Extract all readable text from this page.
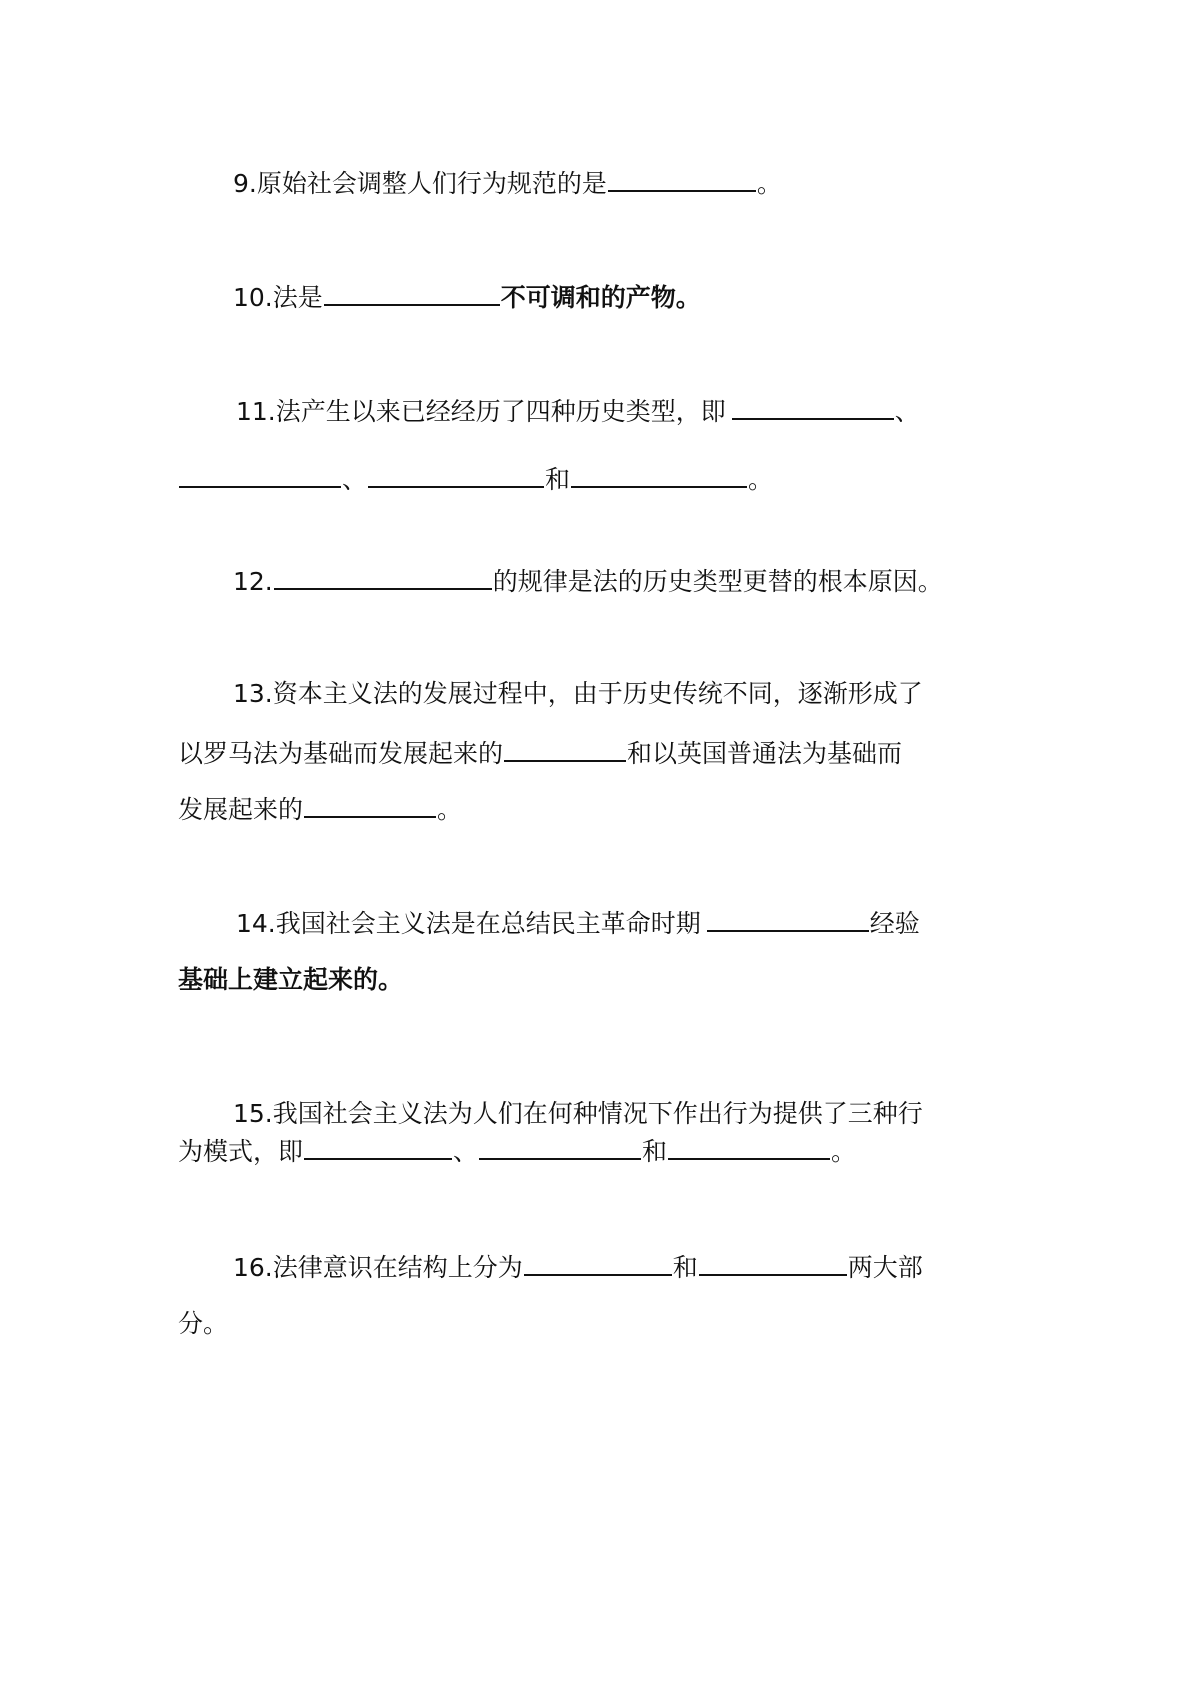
9.原始社会调整人们行为规范的是	。
10.法是	不可调和的产物。
11.法产生以来已经经历了四种历史类型，即	、
、	和	。
12.	的规律是法的历史类型更替的根本原因。
13.资本主义法的发展过程中，由于历史传统不同，逐渐形成了
以罗马法为基础而发展起来的	和以英国普通法为基础而
发展起来的	。
14.我国社会主义法是在总结民主革命时期	经验
基础上建立起来的。
15.我国社会主义法为人们在何种情况下作出行为提供了三种行
为模式，即	、	和	。
16.法律意识在结构上分为	和	两大部
分。
